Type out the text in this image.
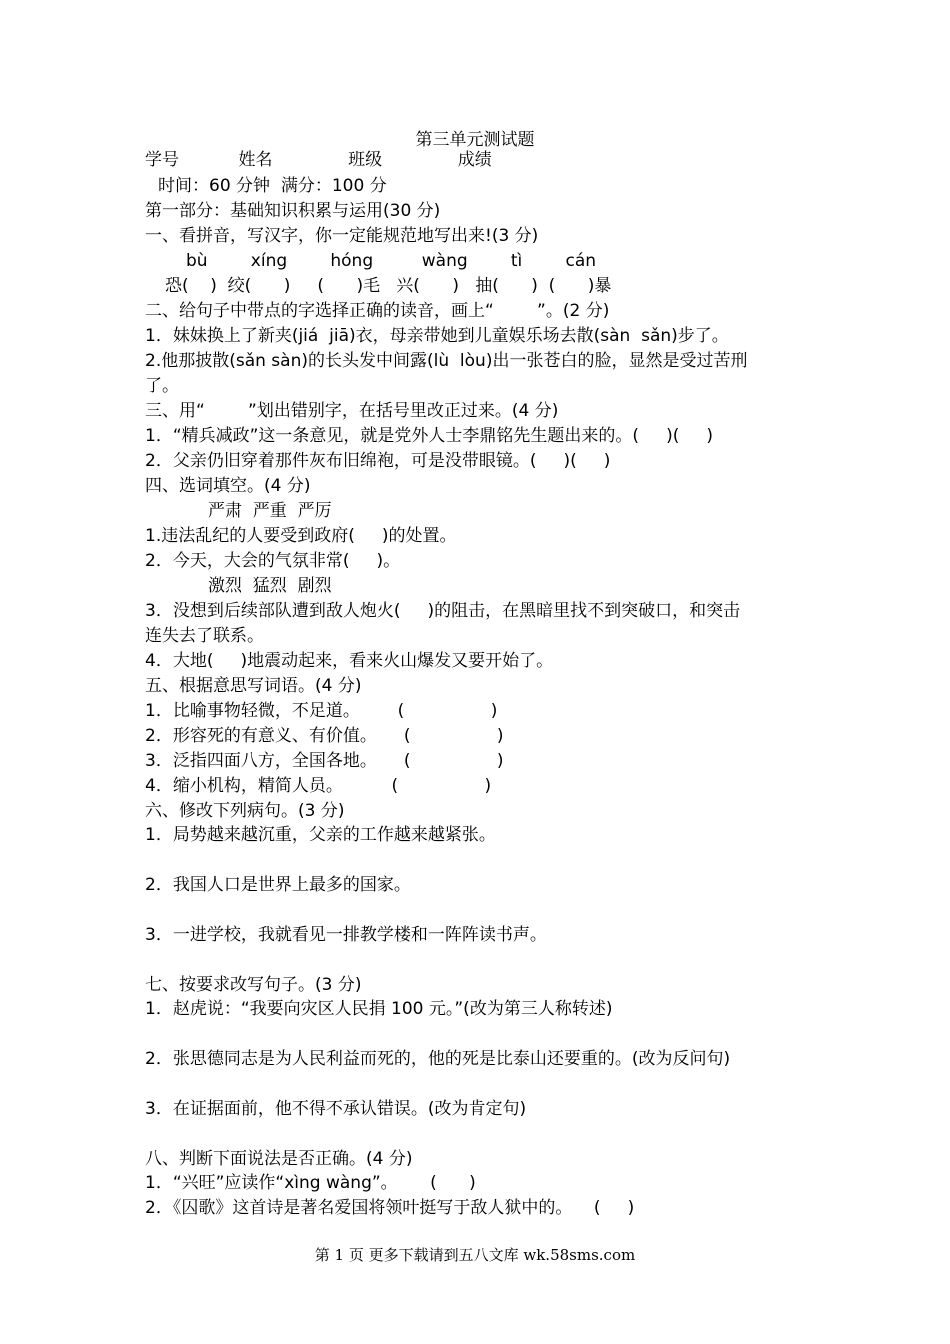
第三单元测试题
学号           姓名              班级              成绩
时间：60 分钟  满分：100 分
第一部分：基础知识积累与运用(30 分)
一、看拼音，写汉字，你一定能规范地写出来!(3 分)
bù        xíng        hóng         wàng        tì        cán
恐(    )  绞(      )     (      )毛   兴(      )   抽(      )  (      )暴
二、给句子中带点的字选择正确的读音，画上“        ”。(2 分)
1．妹妹换上了新夹(jiá  jiā)衣，母亲带她到儿童娱乐场去散(sàn  sǎn)步了。
2.他那披散(sǎn sàn)的长头发中间露(lù  lòu)出一张苍白的脸，显然是受过苦刑
了。
三、用“        ”划出错别字，在括号里改正过来。(4 分)
1．“精兵减政”这一条意见，就是党外人士李鼎铭先生题出来的。(     )(     )
2．父亲仍旧穿着那件灰布旧绵袍，可是没带眼镜。(     )(     )
四、选词填空。(4 分)
严肃  严重  严厉
1.违法乱纪的人要受到政府(     )的处置。
2．今天，大会的气氛非常(     )。
激烈  猛烈  剧烈
3．没想到后续部队遭到敌人炮火(     )的阻击，在黑暗里找不到突破口，和突击
连失去了联系。
4．大地(     )地震动起来，看来火山爆发又要开始了。
五、根据意思写词语。(4 分)
1．比喻事物轻微，不足道。       (                )
2．形容死的有意义、有价值。     (                )
3．泛指四面八方，全国各地。     (                )
4．缩小机构，精简人员。         (                )
六、修改下列病句。(3 分)
1．局势越来越沉重，父亲的工作越来越紧张。
2．我国人口是世界上最多的国家。
3．一进学校，我就看见一排教学楼和一阵阵读书声。
七、按要求改写句子。(3 分)
1．赵虎说：“我要向灾区人民捐 100 元。”(改为第三人称转述)
2．张思德同志是为人民利益而死的，他的死是比泰山还要重的。(改为反问句)
3．在证据面前，他不得不承认错误。(改为肯定句)
八、判断下面说法是否正确。(4 分)
1．“兴旺”应读作“xìng wàng”。      (      )
2．《囚歌》这首诗是著名爱国将领叶挺写于敌人狱中的。    (     )
第 1 页 更多下载请到五八文库 wk.58sms.com
